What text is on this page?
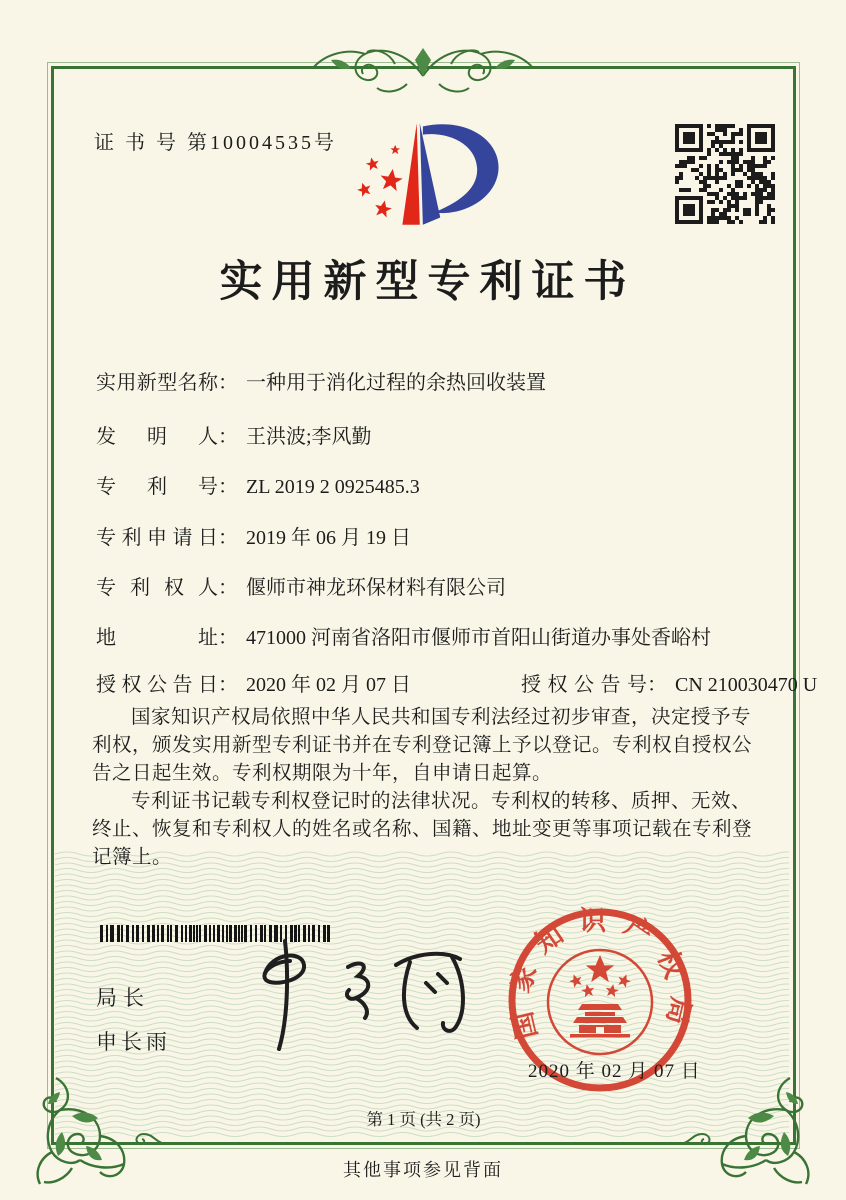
证 书 号 第10004535号
实用新型专利证书
实用新型名称： 一种用于消化过程的余热回收装置
发明人： 王洪波;李风勤
专利号： ZL 2019 2 0925485.3
专利申请日： 2019 年 06 月 19 日
专利权人： 偃师市神龙环保材料有限公司
地址： 471000 河南省洛阳市偃师市首阳山街道办事处香峪村
授权公告日： 2020 年 02 月 07 日	授权公告号： CN 210030470 U

国家知识产权局依照中华人民共和国专利法经过初步审查，决定授予专利权，颁发实用新型专利证书并在专利登记簿上予以登记。专利权自授权公告之日起生效。专利权期限为十年，自申请日起算。

专利证书记载专利权登记时的法律状况。专利权的转移、质押、无效、终止、恢复和专利权人的姓名或名称、国籍、地址变更等事项记载在专利登记簿上。

局长
申长雨	国家知识产权局
2020 年 02 月 07 日
第 1 页 (共 2 页)
其他事项参见背面
